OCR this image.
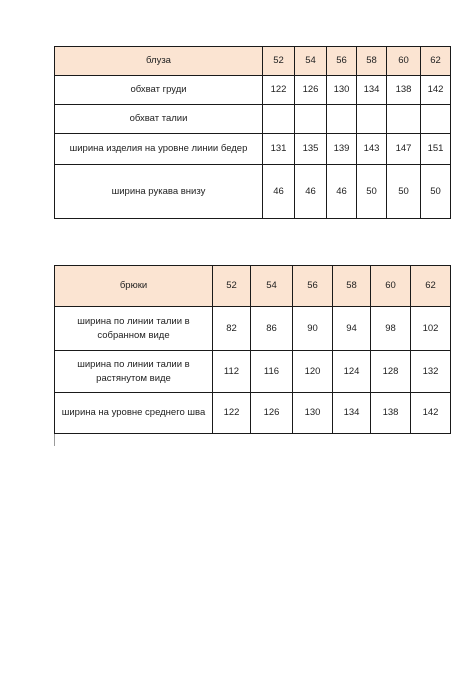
блуза	52	54	56	58	60	62
обхват груди	122	126	130	134	138	142
обхват талии						
ширина изделия на уровне линии бедер	131	135	139	143	147	151
ширина рукава внизу	46	46	46	50	50	50
брюки	52	54	56	58	60	62
ширина по линии талии в собранном виде	82	86	90	94	98	102
ширина по линии талии в растянутом виде	112	116	120	124	128	132
ширина на уровне среднего шва	122	126	130	134	138	142
